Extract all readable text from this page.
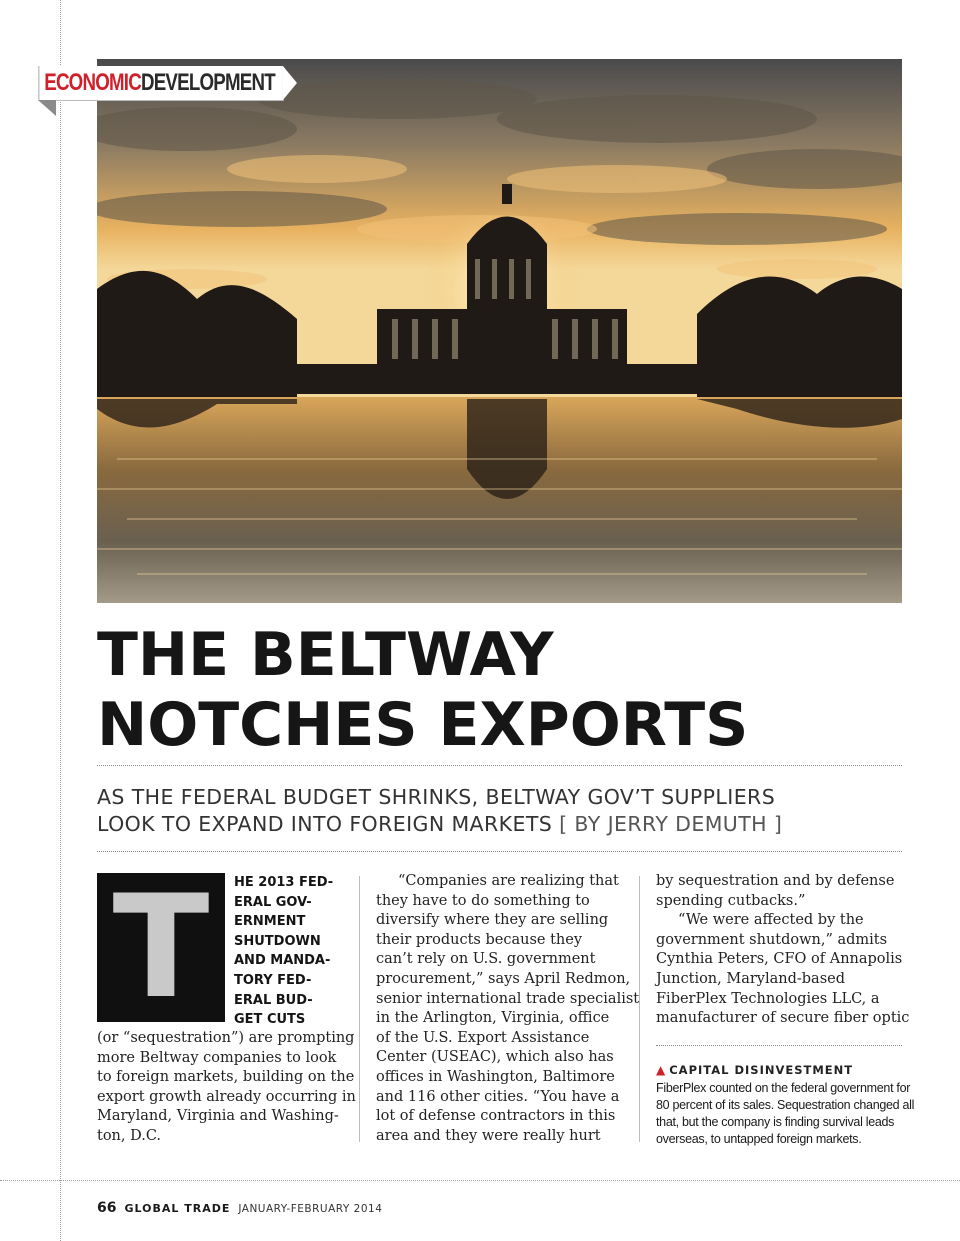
ECONOMIC DEVELOPMENT
THE BELTWAY
NOTCHES EXPORTS

AS THE FEDERAL BUDGET SHRINKS, BELTWAY GOV’T SUPPLIERS
LOOK TO EXPAND INTO FOREIGN MARKETS [ BY JERRY DEMUTH ]

T	HE 2013 FED-
ERAL GOV-
ERNMENT
SHUTDOWN
AND MANDA-
TORY FED-
ERAL BUD-
GET CUTS
(or “sequestration”) are prompting
more Beltway companies to look
to foreign markets, building on the
export growth already occurring in
Maryland, Virginia and Washing-
ton, D.C.
“Companies are realizing that
they have to do something to
diversify where they are selling
their products because they
can’t rely on U.S. government
procurement,” says April Redmon,
senior international trade specialist
in the Arlington, Virginia, office
of the U.S. Export Assistance
Center (USEAC), which also has
offices in Washington, Baltimore
and 116 other cities. “You have a
lot of defense contractors in this
area and they were really hurt
by sequestration and by defense
spending cutbacks.”
“We were affected by the
government shutdown,” admits
Cynthia Peters, CFO of Annapolis
Junction, Maryland-based
FiberPlex Technologies LLC, a
manufacturer of secure fiber optic
▲ CAPITAL DISINVESTMENT
FiberPlex counted on the federal government for
80 percent of its sales. Sequestration changed all
that, but the company is finding survival leads
overseas, to untapped foreign markets.
66 GLOBAL TRADE JANUARY-FEBRUARY 2014
